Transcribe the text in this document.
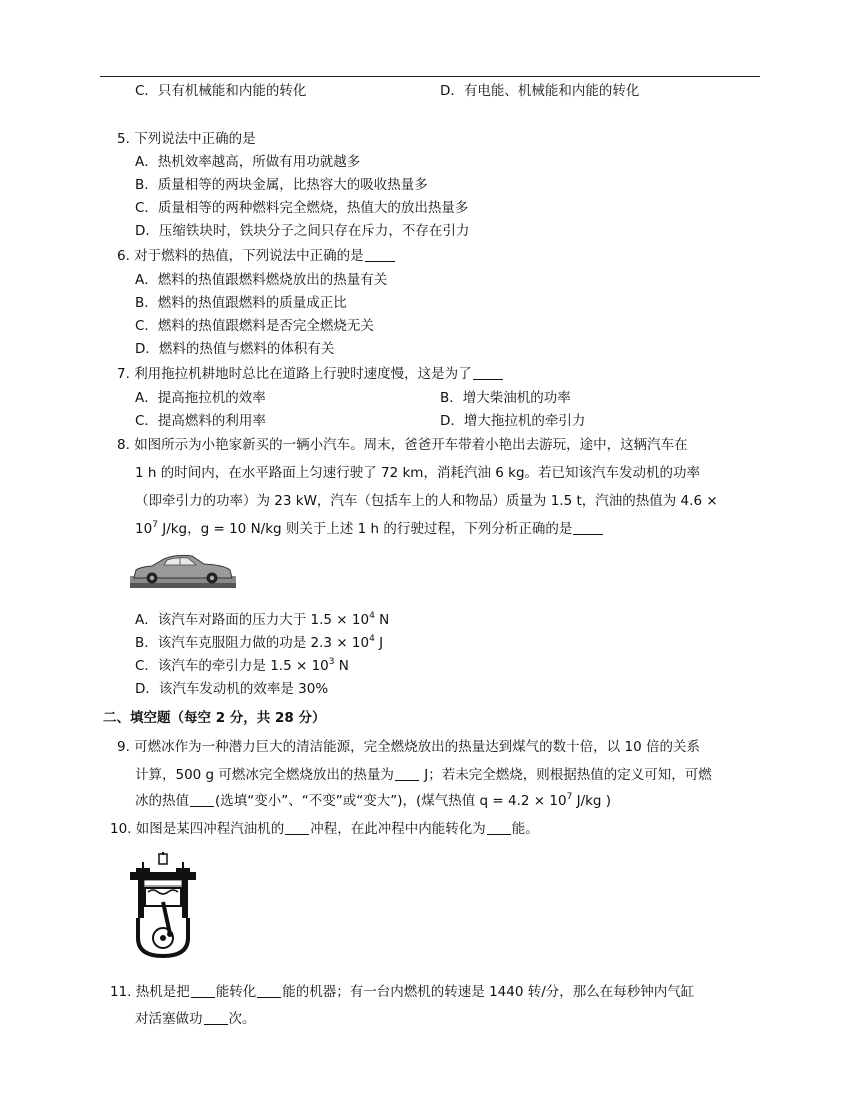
C．只有机械能和内能的转化	D．有电能、机械能和内能的转化
5. 下列说法中正确的是
A．热机效率越高，所做有用功就越多
B．质量相等的两块金属，比热容大的吸收热量多
C．质量相等的两种燃料完全燃烧，热值大的放出热量多
D．压缩铁块时，铁块分子之间只存在斥力，不存在引力
6. 对于燃料的热值，下列说法中正确的是
A．燃料的热值跟燃料燃烧放出的热量有关
B．燃料的热值跟燃料的质量成正比
C．燃料的热值跟燃料是否完全燃烧无关
D．燃料的热值与燃料的体积有关
7. 利用拖拉机耕地时总比在道路上行驶时速度慢，这是为了
A．提高拖拉机的效率	B．增大柴油机的功率
C．提高燃料的利用率	D．增大拖拉机的牵引力
8. 如图所示为小艳家新买的一辆小汽车。周末，爸爸开车带着小艳出去游玩，途中，这辆汽车在
1 h 的时间内，在水平路面上匀速行驶了 72 km，消耗汽油 6 kg。若已知该汽车发动机的功率
（即牵引力的功率）为 23 kW，汽车（包括车上的人和物品）质量为 1.5 t，汽油的热值为 4.6 ×
$10^7$ J/kg，g = 10 N/kg 则关于上述 1 h 的行驶过程，下列分析正确的是
A．该汽车对路面的压力大于 $1.5 \times 10^4$ N
B．该汽车克服阻力做的功是 $2.3 \times 10^4$ J
C．该汽车的牵引力是 $1.5 \times 10^3$ N
D．该汽车发动机的效率是 30%
二、填空题（每空 2 分，共 28 分）
9. 可燃冰作为一种潜力巨大的清洁能源，完全燃烧放出的热量达到煤气的数十倍，以 10 倍的关系
计算，500 g 可燃冰完全燃烧放出的热量为 J；若未完全燃烧，则根据热值的定义可知，可燃
冰的热值 (选填“变小”、“不变”或“变大”)，(煤气热值 $q = 4.2 \times 10^7$ J/kg )
10. 如图是某四冲程汽油机的 冲程，在此冲程中内能转化为 能。
11. 热机是把 能转化 能的机器；有一台内燃机的转速是 1440 转/分，那么在每秒钟内气缸
对活塞做功 次。
